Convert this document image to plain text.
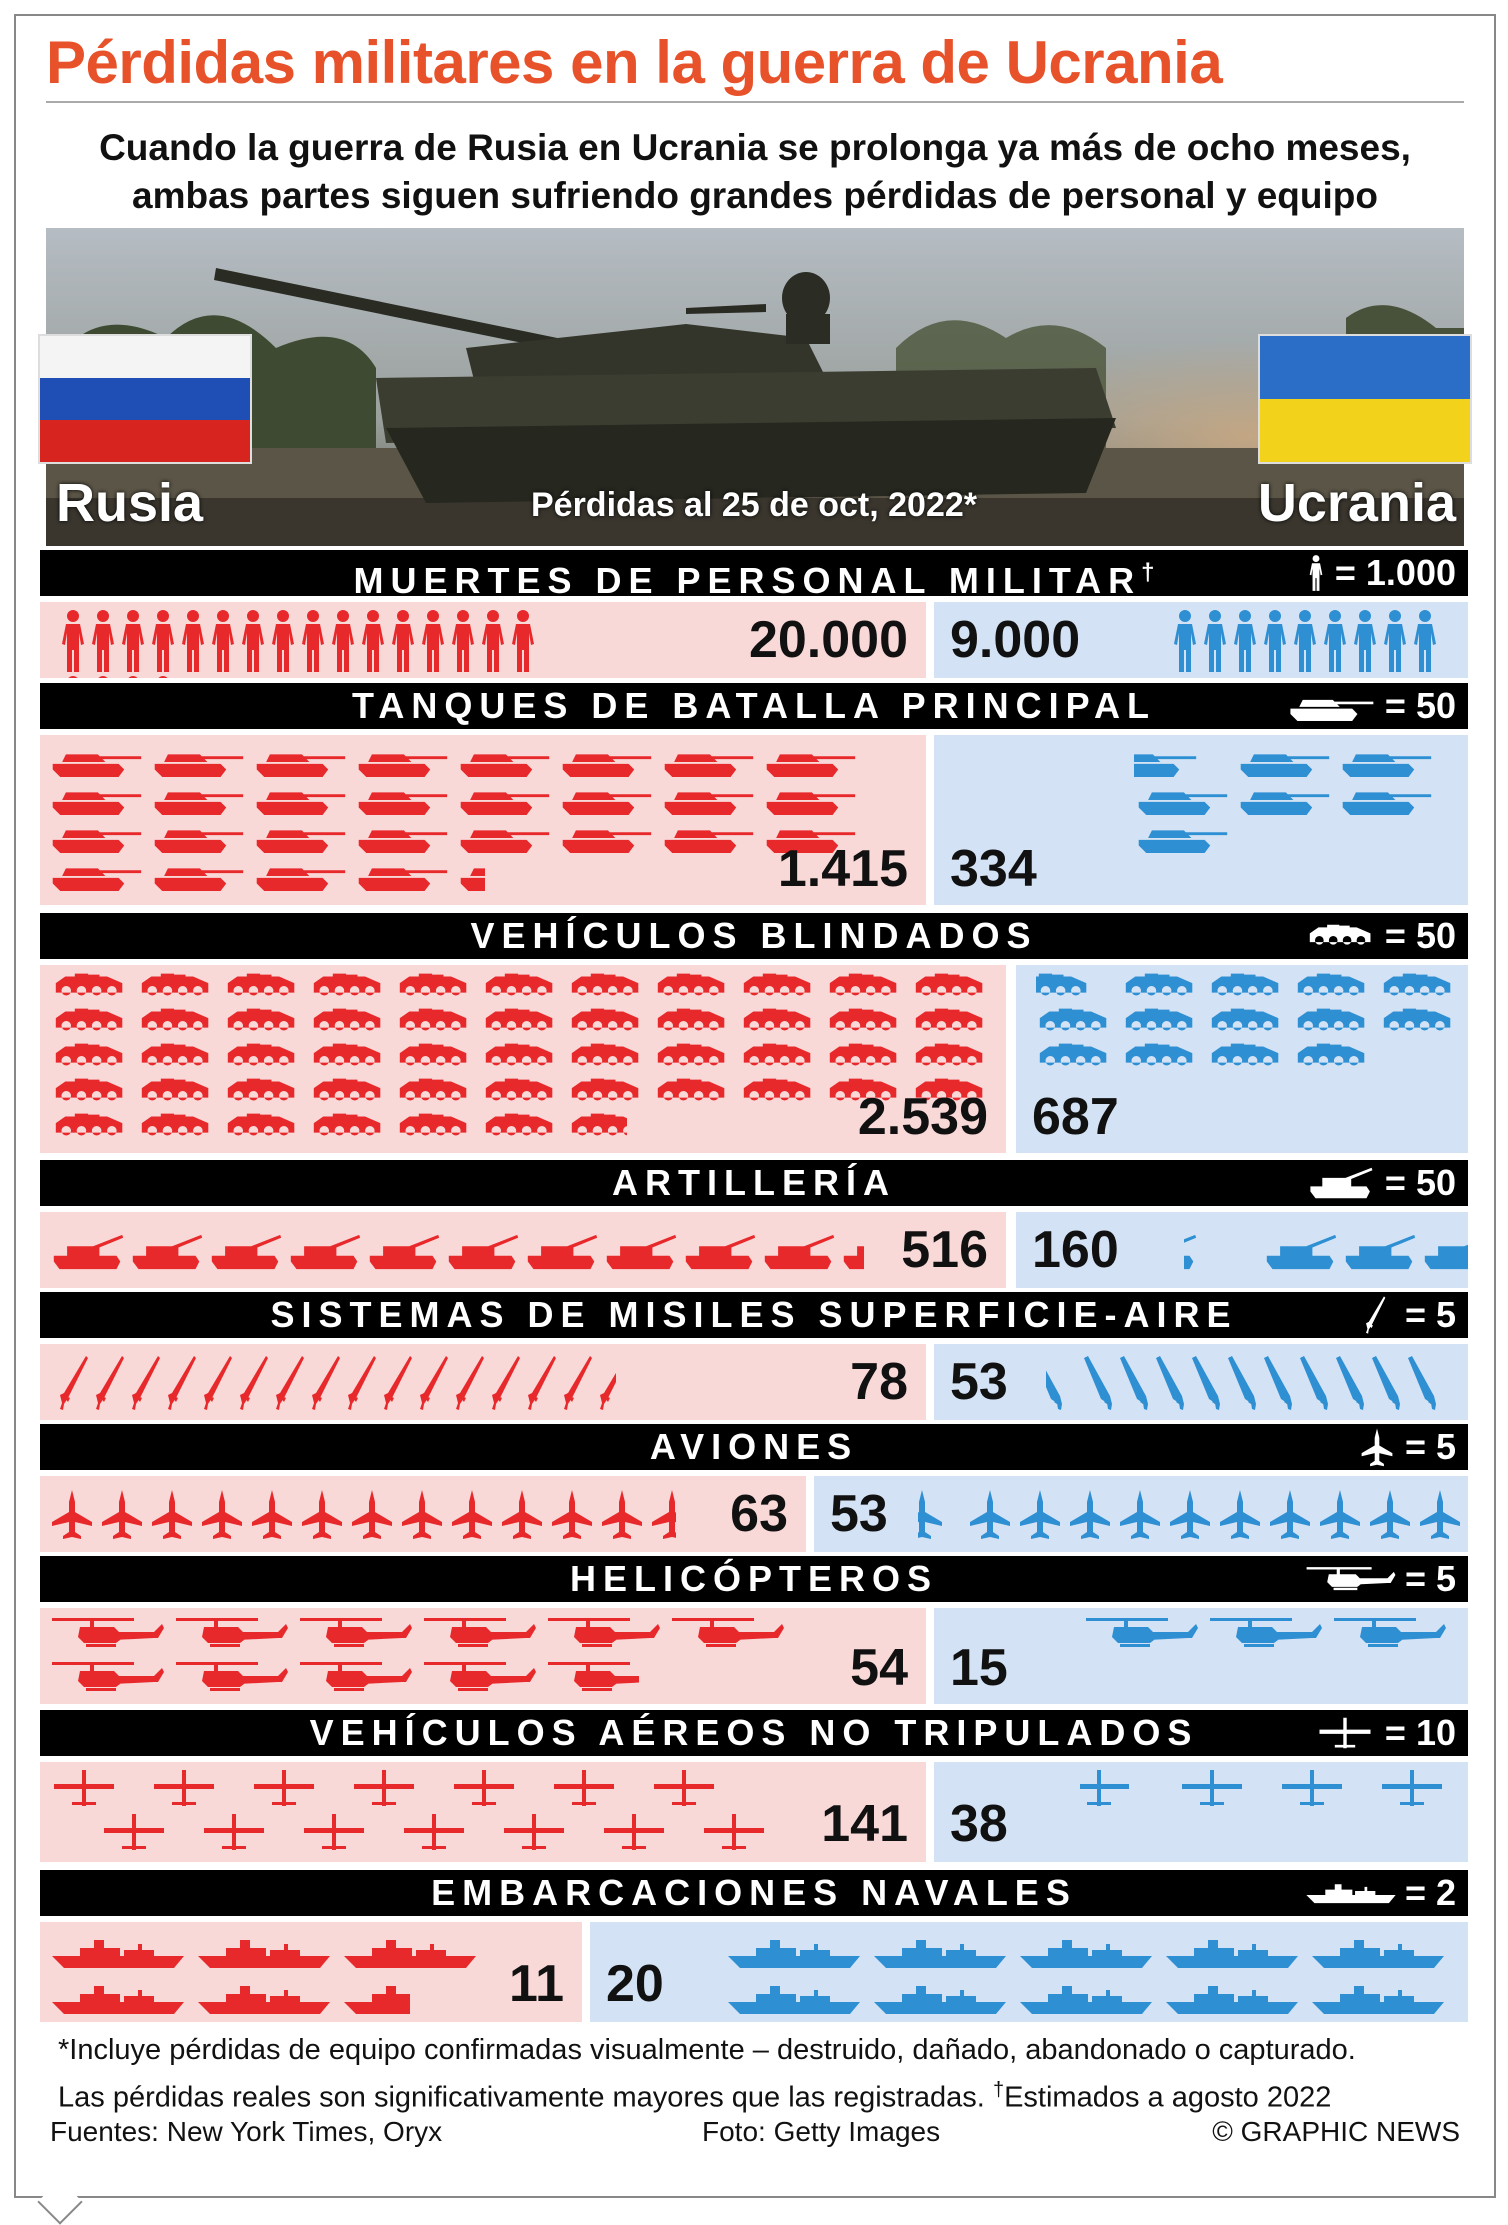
Pérdidas militares en la guerra de Ucrania
Cuando la guerra de Rusia en Ucrania se prolonga ya más de ocho meses,
ambas partes siguen sufriendo grandes pérdidas de personal y equipo
Rusia	Ucrania
Pérdidas al 25 de oct, 2022*
MUERTES DE PERSONAL MILITAR†	= 1.000
20.000 9.000
TANQUES DE BATALLA PRINCIPAL	= 50
1.415 334
VEHÍCULOS BLINDADOS	= 50
2.539 687
ARTILLERÍA	= 50
516 160
SISTEMAS DE MISILES SUPERFICIE-AIRE	= 5
78 53
AVIONES	= 5
63 53
HELICÓPTEROS	= 5
54 15
VEHÍCULOS AÉREOS NO TRIPULADOS	= 10
141 38
EMBARCACIONES NAVALES	= 2
11 20
*Incluye pérdidas de equipo confirmadas visualmente – destruido, dañado, abandonado o capturado.
Las pérdidas reales son significativamente mayores que las registradas. †Estimados a agosto 2022
Fuentes: New York Times, Oryx	Foto: Getty Images	© GRAPHIC NEWS
